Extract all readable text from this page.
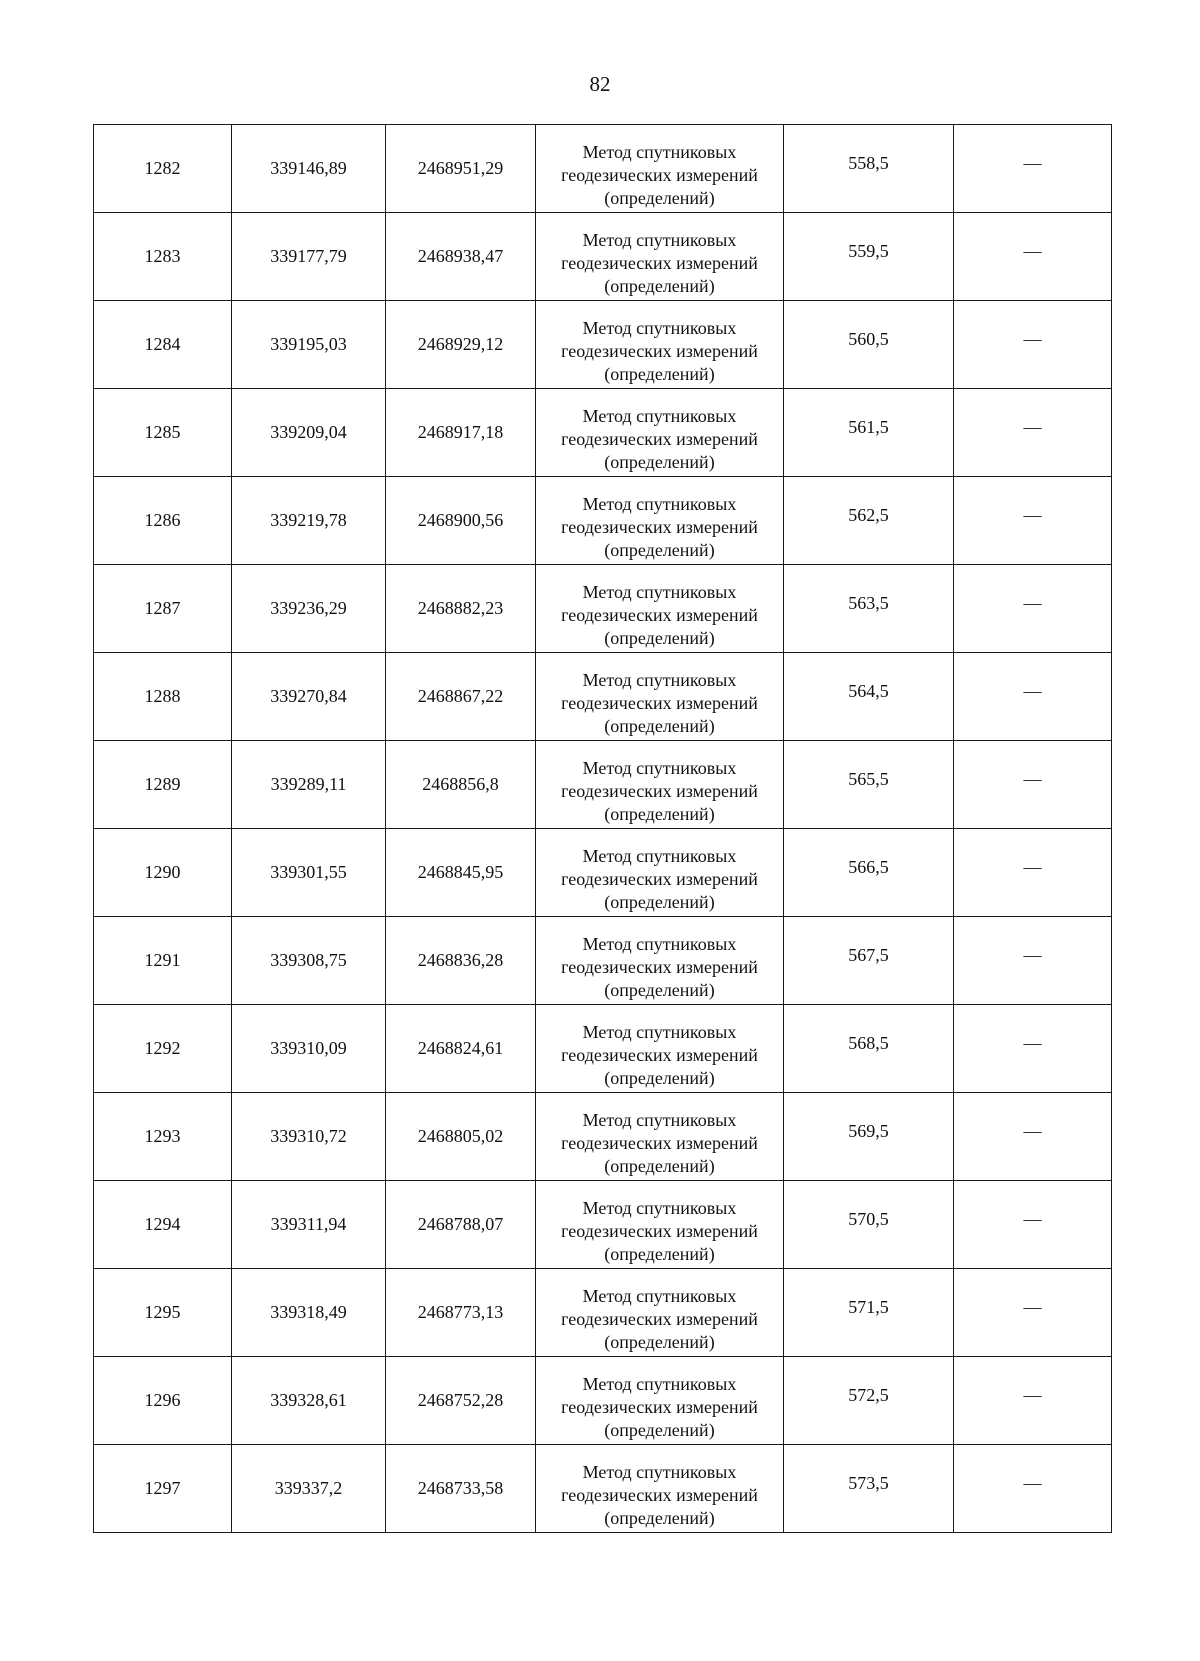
82
1282	339146,89	2468951,29	Метод спутниковых
геодезических измерений
(определений)	558,5	—
1283	339177,79	2468938,47	Метод спутниковых
геодезических измерений
(определений)	559,5	—
1284	339195,03	2468929,12	Метод спутниковых
геодезических измерений
(определений)	560,5	—
1285	339209,04	2468917,18	Метод спутниковых
геодезических измерений
(определений)	561,5	—
1286	339219,78	2468900,56	Метод спутниковых
геодезических измерений
(определений)	562,5	—
1287	339236,29	2468882,23	Метод спутниковых
геодезических измерений
(определений)	563,5	—
1288	339270,84	2468867,22	Метод спутниковых
геодезических измерений
(определений)	564,5	—
1289	339289,11	2468856,8	Метод спутниковых
геодезических измерений
(определений)	565,5	—
1290	339301,55	2468845,95	Метод спутниковых
геодезических измерений
(определений)	566,5	—
1291	339308,75	2468836,28	Метод спутниковых
геодезических измерений
(определений)	567,5	—
1292	339310,09	2468824,61	Метод спутниковых
геодезических измерений
(определений)	568,5	—
1293	339310,72	2468805,02	Метод спутниковых
геодезических измерений
(определений)	569,5	—
1294	339311,94	2468788,07	Метод спутниковых
геодезических измерений
(определений)	570,5	—
1295	339318,49	2468773,13	Метод спутниковых
геодезических измерений
(определений)	571,5	—
1296	339328,61	2468752,28	Метод спутниковых
геодезических измерений
(определений)	572,5	—
1297	339337,2	2468733,58	Метод спутниковых
геодезических измерений
(определений)	573,5	—
